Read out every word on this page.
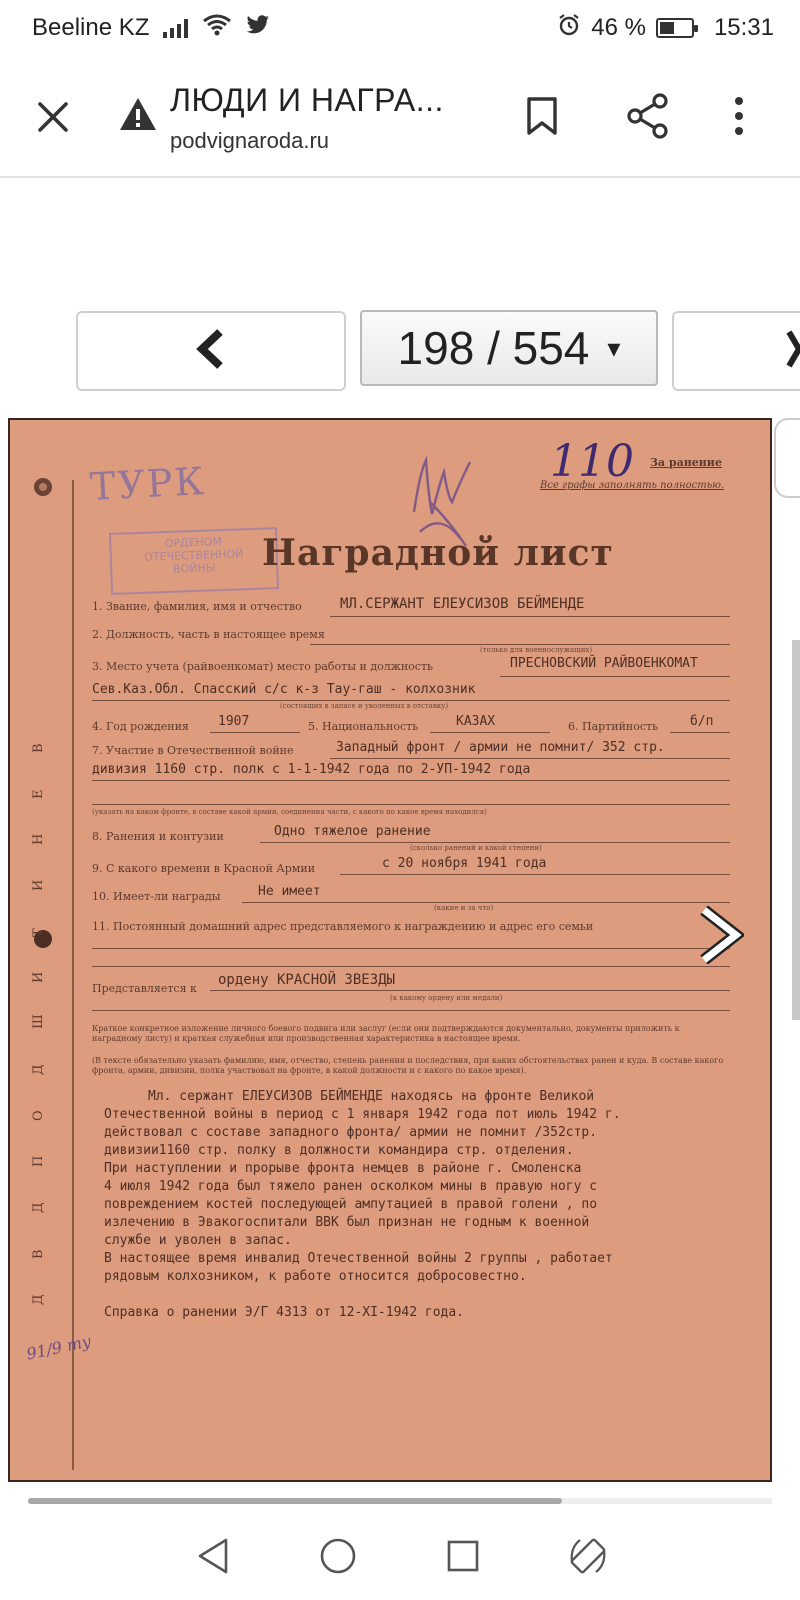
Beeline KZ	46 %	15:31
ЛЮДИ И НАГРА...
podvignaroda.ru
198 / 554 ▾
В
Е
Н
И
Т
И
Ш
Д
О
П
Д
В
Д
ТУРК
ОРДЕНОМ
ОТЕЧЕСТВЕННОЙ
ВОЙНЫ
110 За ранение
Все графы заполнять полностью.
Наградной лист
1. Звание, фамилия, имя и отчество	МЛ.СЕРЖАНТ ЕЛЕУСИЗОВ БЕЙМЕНДЕ
2. Должность, часть в настоящее время
(только для военнослужащих)
3. Место учета (райвоенкомат) место работы и должность	ПРЕСНОВСКИЙ РАЙВОЕНКОМАТ
Сев.Каз.Обл. Спасский с/с к-з Тау-гаш - колхозник
(состоящих в запасе и уволенных в отставку)
4. Год рождения 1907	5. Национальность	КАЗАХ	6. Партийность б/п
7. Участие в Отечественной войне	Западный фронт / армии не помнит/ 352 стр.
дивизия 1160 стр. полк с 1-1-1942 года по 2-УП-1942 года
(указать на каком фронте, в составе какой армии, соединения части, с какого по какое время находился)
8. Ранения и контузии	Одно тяжелое ранение
(сколько ранений и какой степени)
9. С какого времени в Красной Армии	с 20 ноября 1941 года
10. Имеет-ли награды	Не имеет
(какие и за что)
11. Постоянный домашний адрес представляемого к награждению и адрес его семьи
Представляется к
ордену КРАСНОЙ ЗВЕЗДЫ
(к какому ордену или медали)
Краткое конкретное изложение личного боевого подвига или заслуг (если они подтверждаются документально, документы приложить к наградному листу) и краткая служебная или производственная характеристика в настоящее время.
(В тексте обязательно указать фамилию, имя, отчество, степень ранения и последствия, при каких обстоятельствах ранен и куда. В составе какого фронта, армии, дивизии, полка участвовал на фронте, в какой должности и с какого по какое время).
Мл. сержант ЕЛЕУСИЗОВ БЕЙМЕНДЕ находясь на фронте Великой
Отечественной войны в период с 1 января 1942 года пот июль 1942 г.
действовал с составе западного фронта/ армии не помнит /352стр.
дивизии1160 стр. полку в должности командира стр. отделения.
При наступлении и прорыве фронта немцев в районе г. Смоленска
4 июля 1942 года был тяжело ранен осколком мины в правую ногу с
повреждением костей последующей ампутацией в правой голени , по
излечению в Эвакогоспитали ВВК был признан не годным к военной
службе и уволен в запас.
В настоящее время инвалид Отечественной войны 2 группы , работает
рядовым колхозником, к работе относится добросовестно.
Справка о ранении Э/Г 4313 от 12-XI-1942 года.
91/9 ту
